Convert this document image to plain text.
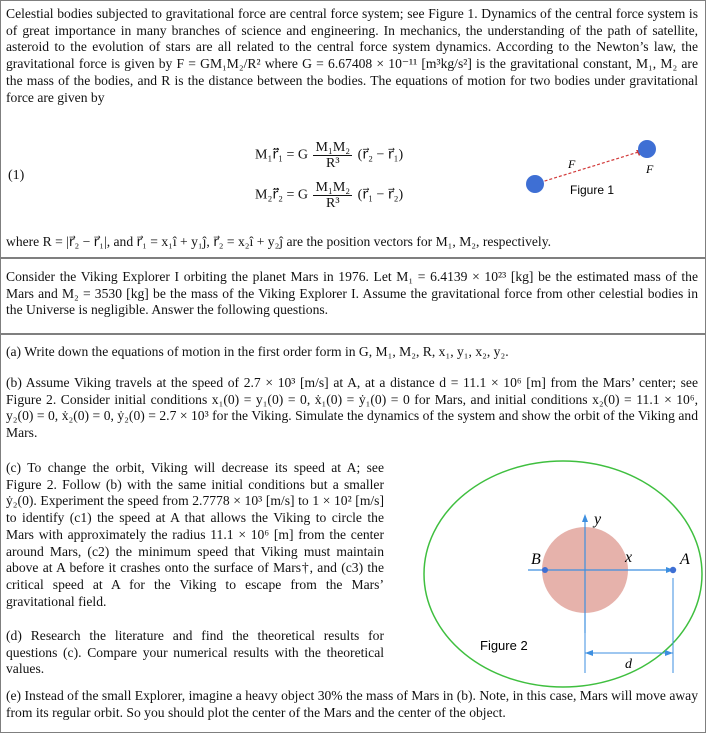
Celestial bodies subjected to gravitational force are central force system; see Figure 1. Dynamics of the central force system is of great importance in many branches of science and engineering. In mechanics, the understanding of the path of satellite, asteroid to the evolution of stars are all related to the central force system dynamics. According to the Newton’s law, the gravitational force is given by F = GM₁M₂/R² where G = 6.67408 × 10⁻¹¹ [m³kg/s²] is the gravitational constant, M₁, M₂ are the mass of the bodies, and R is the distance between the bodies. The equations of motion for two bodies under gravitational force are given by

(1)
M₁r̈⃗₁ = G $\frac{\text{M₁M₂}}{\text{R³}}$ (r⃗₂ − r⃗₁)
M₂r̈⃗₂ = G $\frac{\text{M₁M₂}}{\text{R³}}$ (r⃗₁ − r⃗₂)
F	F
Figure 1

where R = |r⃗₂ − r⃗₁|, and r⃗₁ = x₁î + y₁ĵ, r⃗₂ = x₂î + y₂ĵ are the position vectors for M₁, M₂, respectively.

Consider the Viking Explorer I orbiting the planet Mars in 1976. Let M₁ = 6.4139 × 10²³ [kg] be the estimated mass of the Mars and M₂ = 3530 [kg] be the mass of the Viking Explorer I. Assume the gravitational force from other celestial bodies in the Universe is negligible. Answer the following questions.

(a) Write down the equations of motion in the first order form in G, M₁, M₂, R, x₁, y₁, x₂, y₂.

(b) Assume Viking travels at the speed of 2.7 × 10³ [m/s] at A, at a distance d = 11.1 × 10⁶ [m] from the Mars’ center; see Figure 2. Consider initial conditions x₁(0) = y₁(0) = 0, ẋ₁(0) = ẏ₁(0) = 0 for Mars, and initial conditions x₂(0) = 11.1 × 10⁶, y₂(0) = 0, ẋ₂(0) = 0, ẏ₂(0) = 2.7 × 10³ for the Viking. Simulate the dynamics of the system and show the orbit of the Viking and Mars.

(c) To change the orbit, Viking will decrease its speed at A; see Figure 2. Follow (b) with the same initial conditions but a smaller ẏ₂(0). Experiment the speed from 2.7778 × 10³ [m/s] to 1 × 10² [m/s] to identify (c1) the speed at A that allows the Viking to circle the Mars with approximately the radius 11.1 × 10⁶ [m] from the center around Mars, (c2) the minimum speed that Viking must maintain above at A before it crashes onto the surface of Mars†, and (c3) the critical speed at A for the Viking to escape from the Mars’ gravitational field.

(d) Research the literature and find the theoretical results for questions (c). Compare your numerical results with the theoretical values.

B	A
x
y
d
Figure 2

(e) Instead of the small Explorer, imagine a heavy object 30% the mass of Mars in (b). Note, in this case, Mars will move away from its regular orbit. So you should plot the center of the Mars and the center of the object.
